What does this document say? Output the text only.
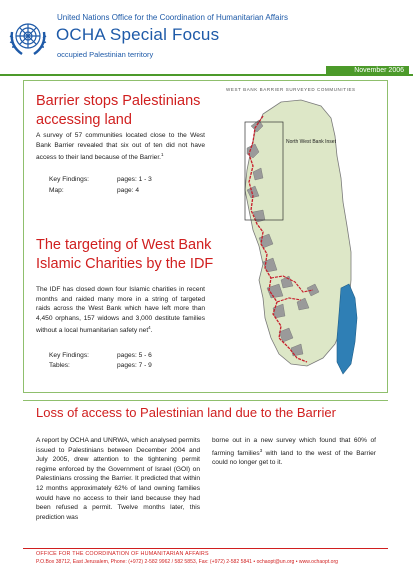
United Nations Office for the Coordination of Humanitarian Affairs
OCHA Special Focus
occupied Palestinian territory
November 2006
Barrier stops Palestinians accessing land

A survey of 57 communities located close to the West Bank Barrier revealed that six out of ten did not have access to their land because of the Barrier.$^1$

Key Findings:	pages: 1 - 3
Map:	page: 4
The targeting of West Bank Islamic Charities by the IDF

The IDF has closed down four Islamic charities in recent months and raided many more in a string of targeted raids across the West Bank which have left more than 4,450 orphans, 157 widows and 3,000 destitute families without a local humanitarian safety net$^4$.

Key Findings:	pages: 5 - 6
Tables:	pages: 7 - 9
WEST BANK BARRIER SURVEYED COMMUNITIES
North West Bank Inset
Loss of access to Palestinian land due to the Barrier

A report by OCHA and UNRWA, which analysed permits issued to Palestinians between December 2004 and July 2005, drew attention to the tightening permit regime enforced by the Government of Israel (GOI) on Palestinians crossing the Barrier. It predicted that within 12 months approximately 62% of land owning families would have no access to their land because they had been refused a permit. Twelve months later, this prediction was

borne out in a new survey which found that 60% of farming families$^3$ with land to the west of the Barrier could no longer get to it.

OFFICE FOR THE COORDINATION OF HUMANITARIAN AFFAIRS
P.O.Box 38712, East Jerusalem, Phone: (+972) 2-582 9962 / 582 5853, Fax: (+972) 2-582 5841 • ochaopt@un.org • www.ochaopt.org
